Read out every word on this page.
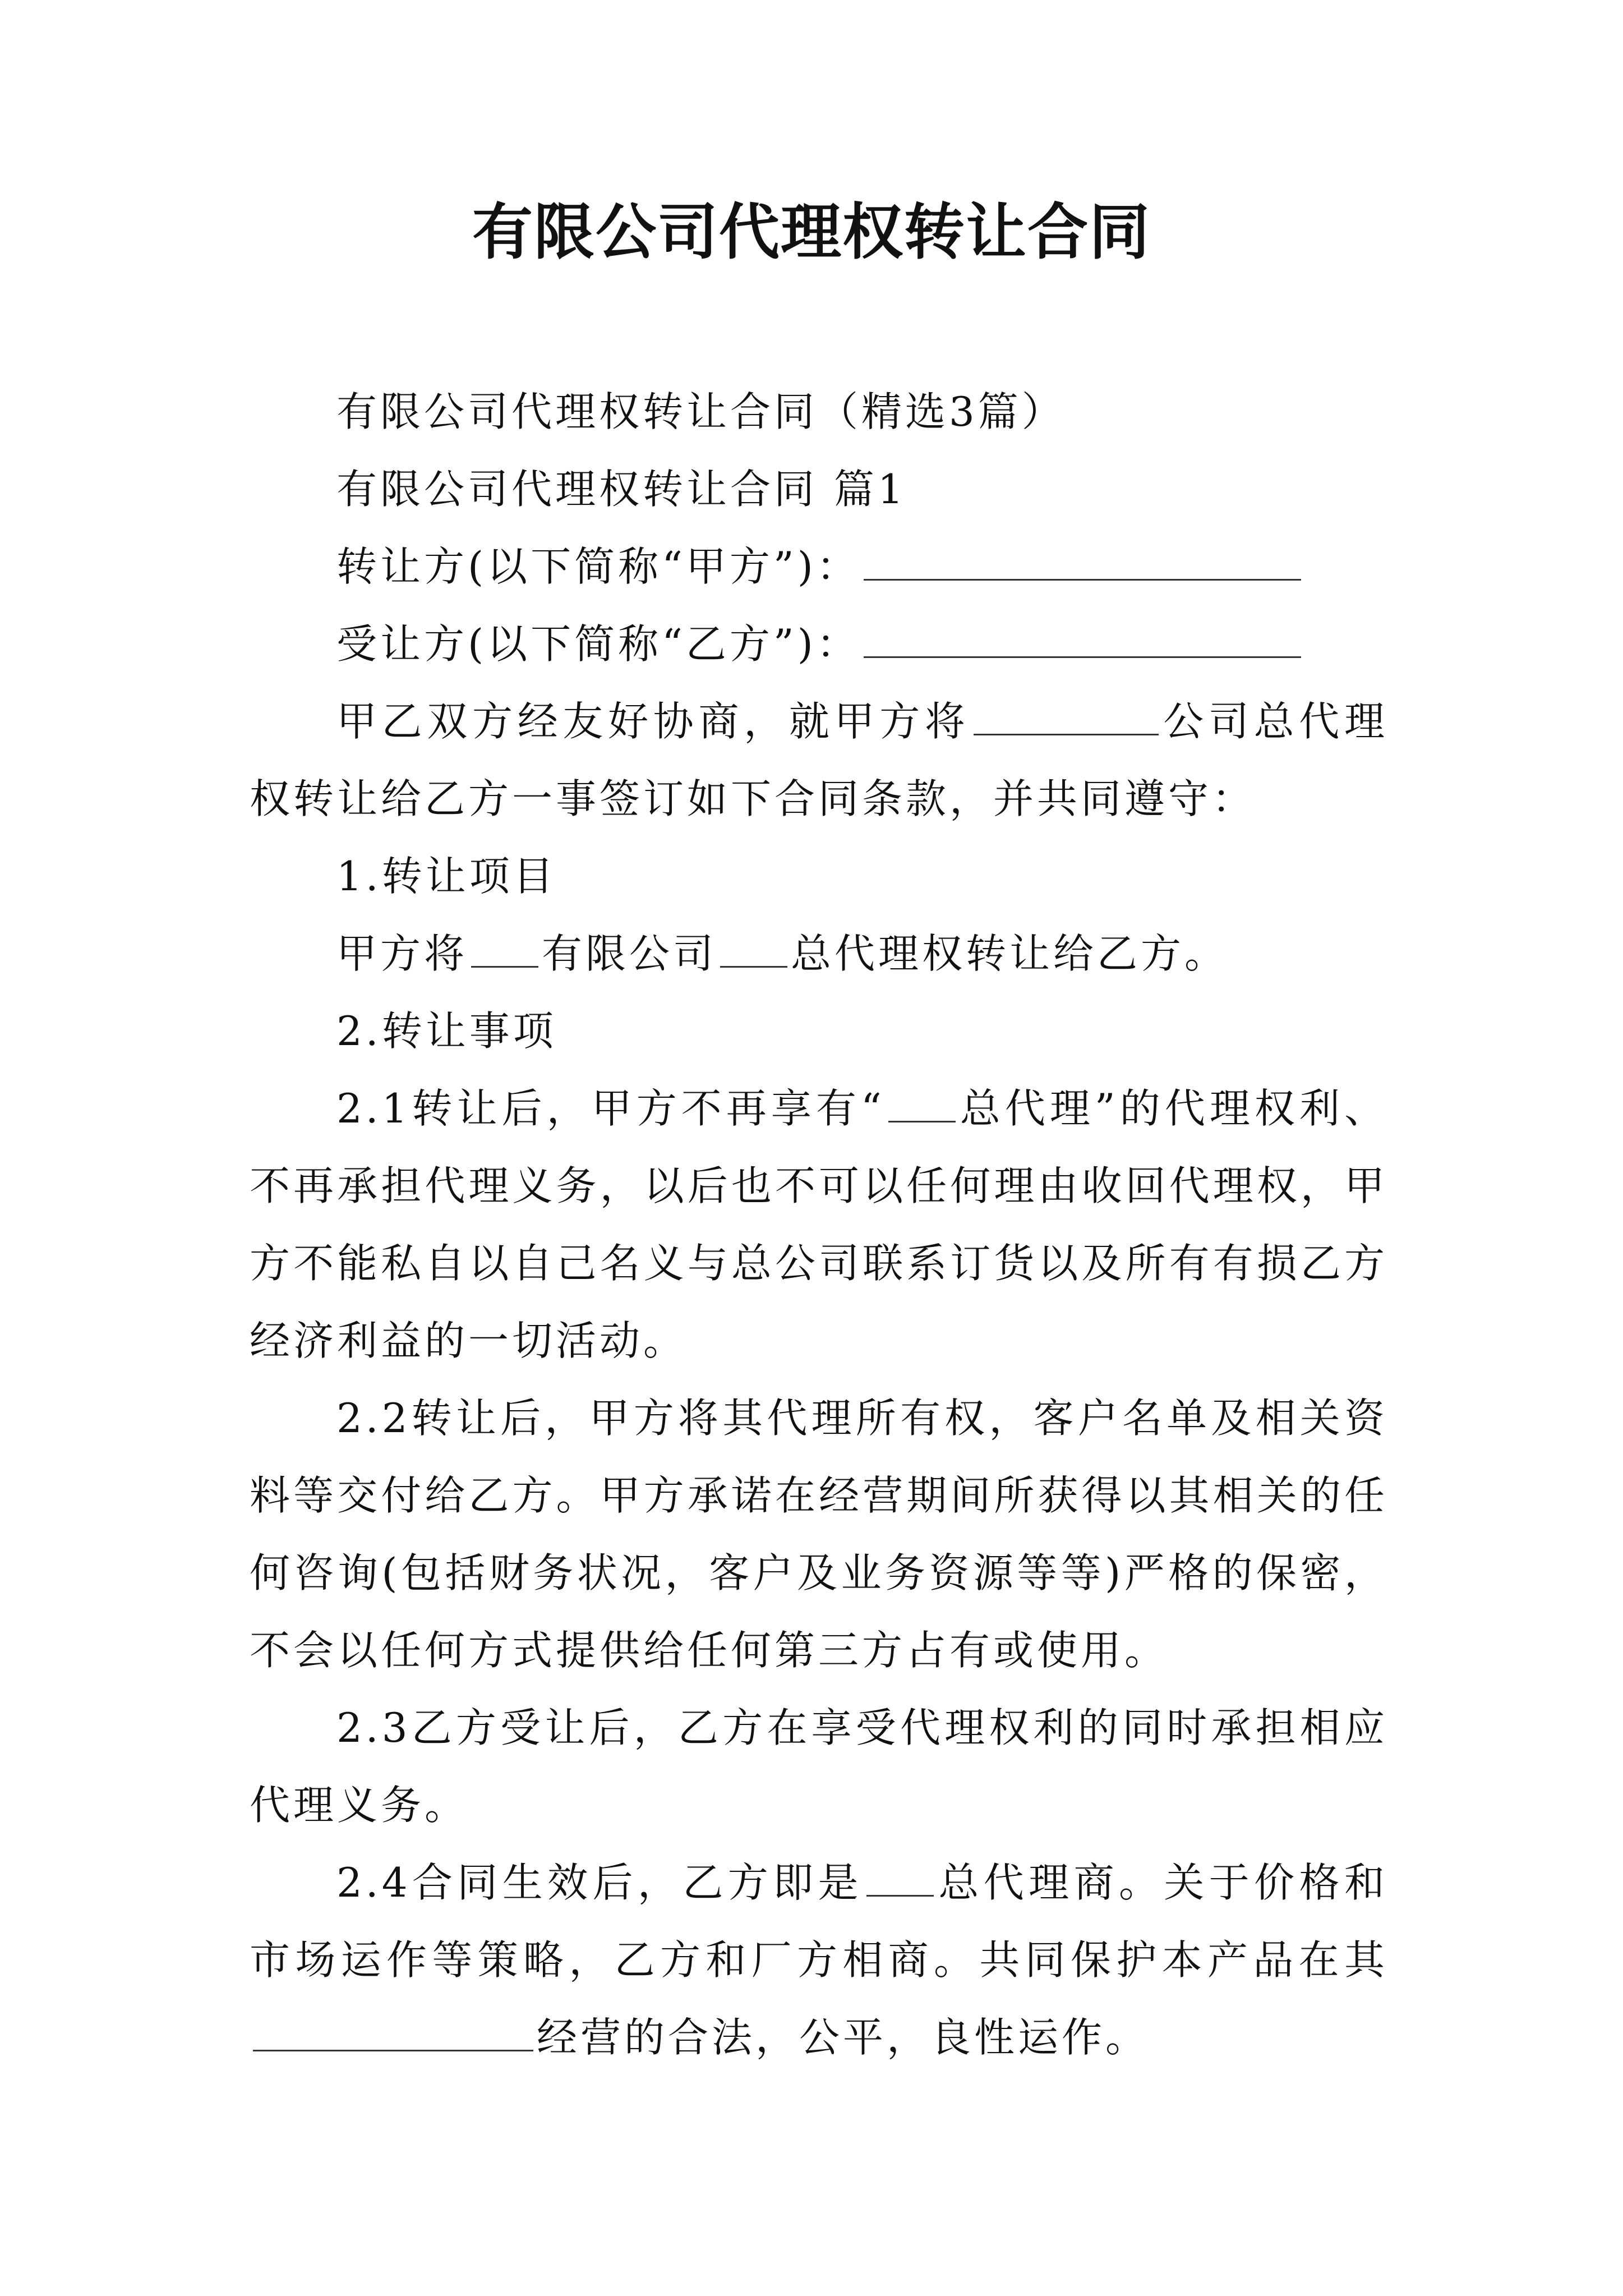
有限公司代理权转让合同

有限公司代理权转让合同（精选3篇）

有限公司代理权转让合同 篇1

转让方(以下简称“甲方”)：

受让方(以下简称“乙方”)：

甲乙双方经友好协商，就甲方将	公司总代理权转让给乙方一事签订如下合同条款，并共同遵守：

1.转让项目

甲方将 有限公司 总代理权转让给乙方。

2.转让事项

2.1转让后，甲方不再享有“ 总代理”的代理权利、不再承担代理义务，以后也不可以任何理由收回代理权，甲方不能私自以自己名义与总公司联系订货以及所有有损乙方经济利益的一切活动。

2.2转让后，甲方将其代理所有权，客户名单及相关资料等交付给乙方。甲方承诺在经营期间所获得以其相关的任何咨询(包括财务状况，客户及业务资源等等)严格的保密，不会以任何方式提供给任何第三方占有或使用。

2.3乙方受让后，乙方在享受代理权利的同时承担相应代理义务。

2.4合同生效后，乙方即是 总代理商。关于价格和市场运作等策略，乙方和厂方相商。共同保护本产品在其经营的合法，公平，良性运作。
